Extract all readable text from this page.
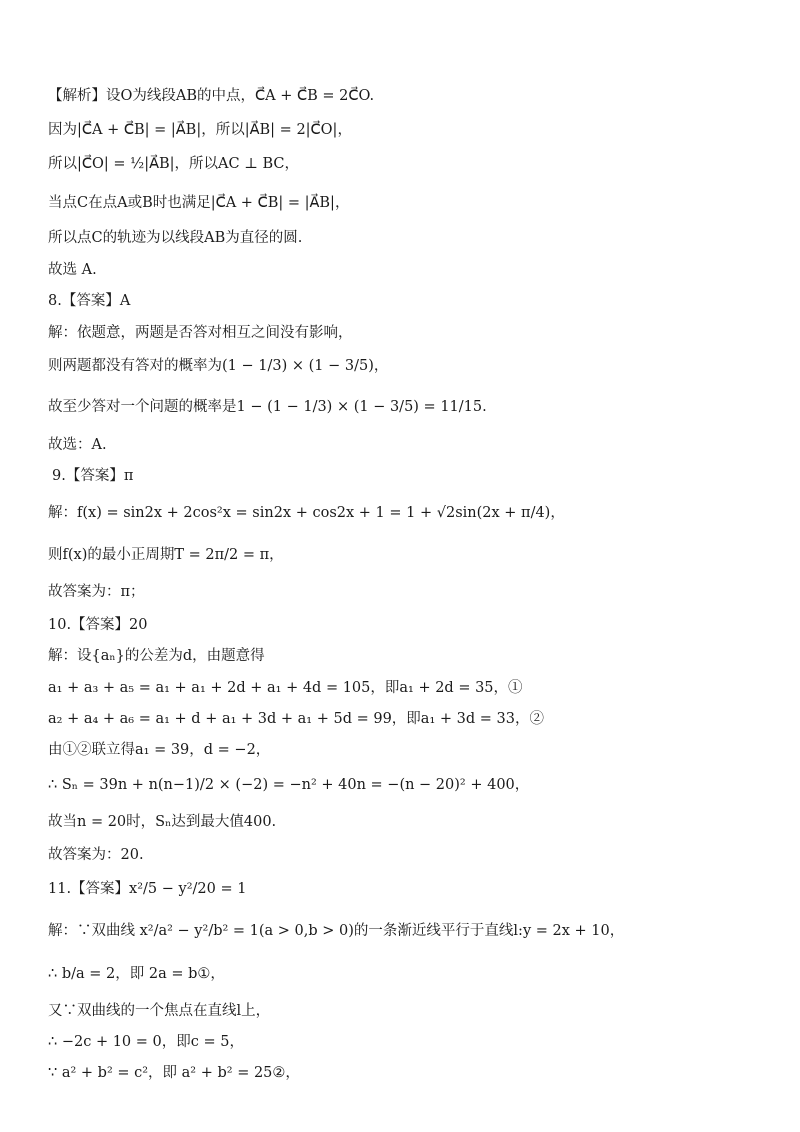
【解析】设O为线段AB的中点，C⃗A + C⃗B = 2C⃗O.
因为|C⃗A + C⃗B| = |A⃗B|，所以|A⃗B| = 2|C⃗O|，
所以|C⃗O| = ½|A⃗B|，所以AC ⊥ BC，
当点C在点A或B时也满足|C⃗A + C⃗B| = |A⃗B|，
所以点C的轨迹为以线段AB为直径的圆.
故选 A.
8.【答案】A
解：依题意，两题是否答对相互之间没有影响，
则两题都没有答对的概率为(1 − 1/3) × (1 − 3/5)，
故至少答对一个问题的概率是1 − (1 − 1/3) × (1 − 3/5) = 11/15.
故选：A.
9.【答案】π
解：f(x) = sin2x + 2cos²x = sin2x + cos2x + 1 = 1 + √2sin(2x + π/4)，
则f(x)的最小正周期T = 2π/2 = π，
故答案为：π；
10.【答案】20
解：设{aₙ}的公差为d，由题意得
a₁ + a₃ + a₅ = a₁ + a₁ + 2d + a₁ + 4d = 105，即a₁ + 2d = 35，①
a₂ + a₄ + a₆ = a₁ + d + a₁ + 3d + a₁ + 5d = 99，即a₁ + 3d = 33，②
由①②联立得a₁ = 39，d = −2，
∴ Sₙ = 39n + n(n−1)/2 × (−2) = −n² + 40n = −(n − 20)² + 400，
故当n = 20时，Sₙ达到最大值400.
故答案为：20.
11.【答案】x²/5 − y²/20 = 1
解：∵双曲线 x²/a² − y²/b² = 1(a > 0,b > 0)的一条渐近线平行于直线l:y = 2x + 10，
∴ b/a = 2，即 2a = b①，
又∵双曲线的一个焦点在直线l上，
∴ −2c + 10 = 0，即c = 5，
∵ a² + b² = c²，即 a² + b² = 25②，
